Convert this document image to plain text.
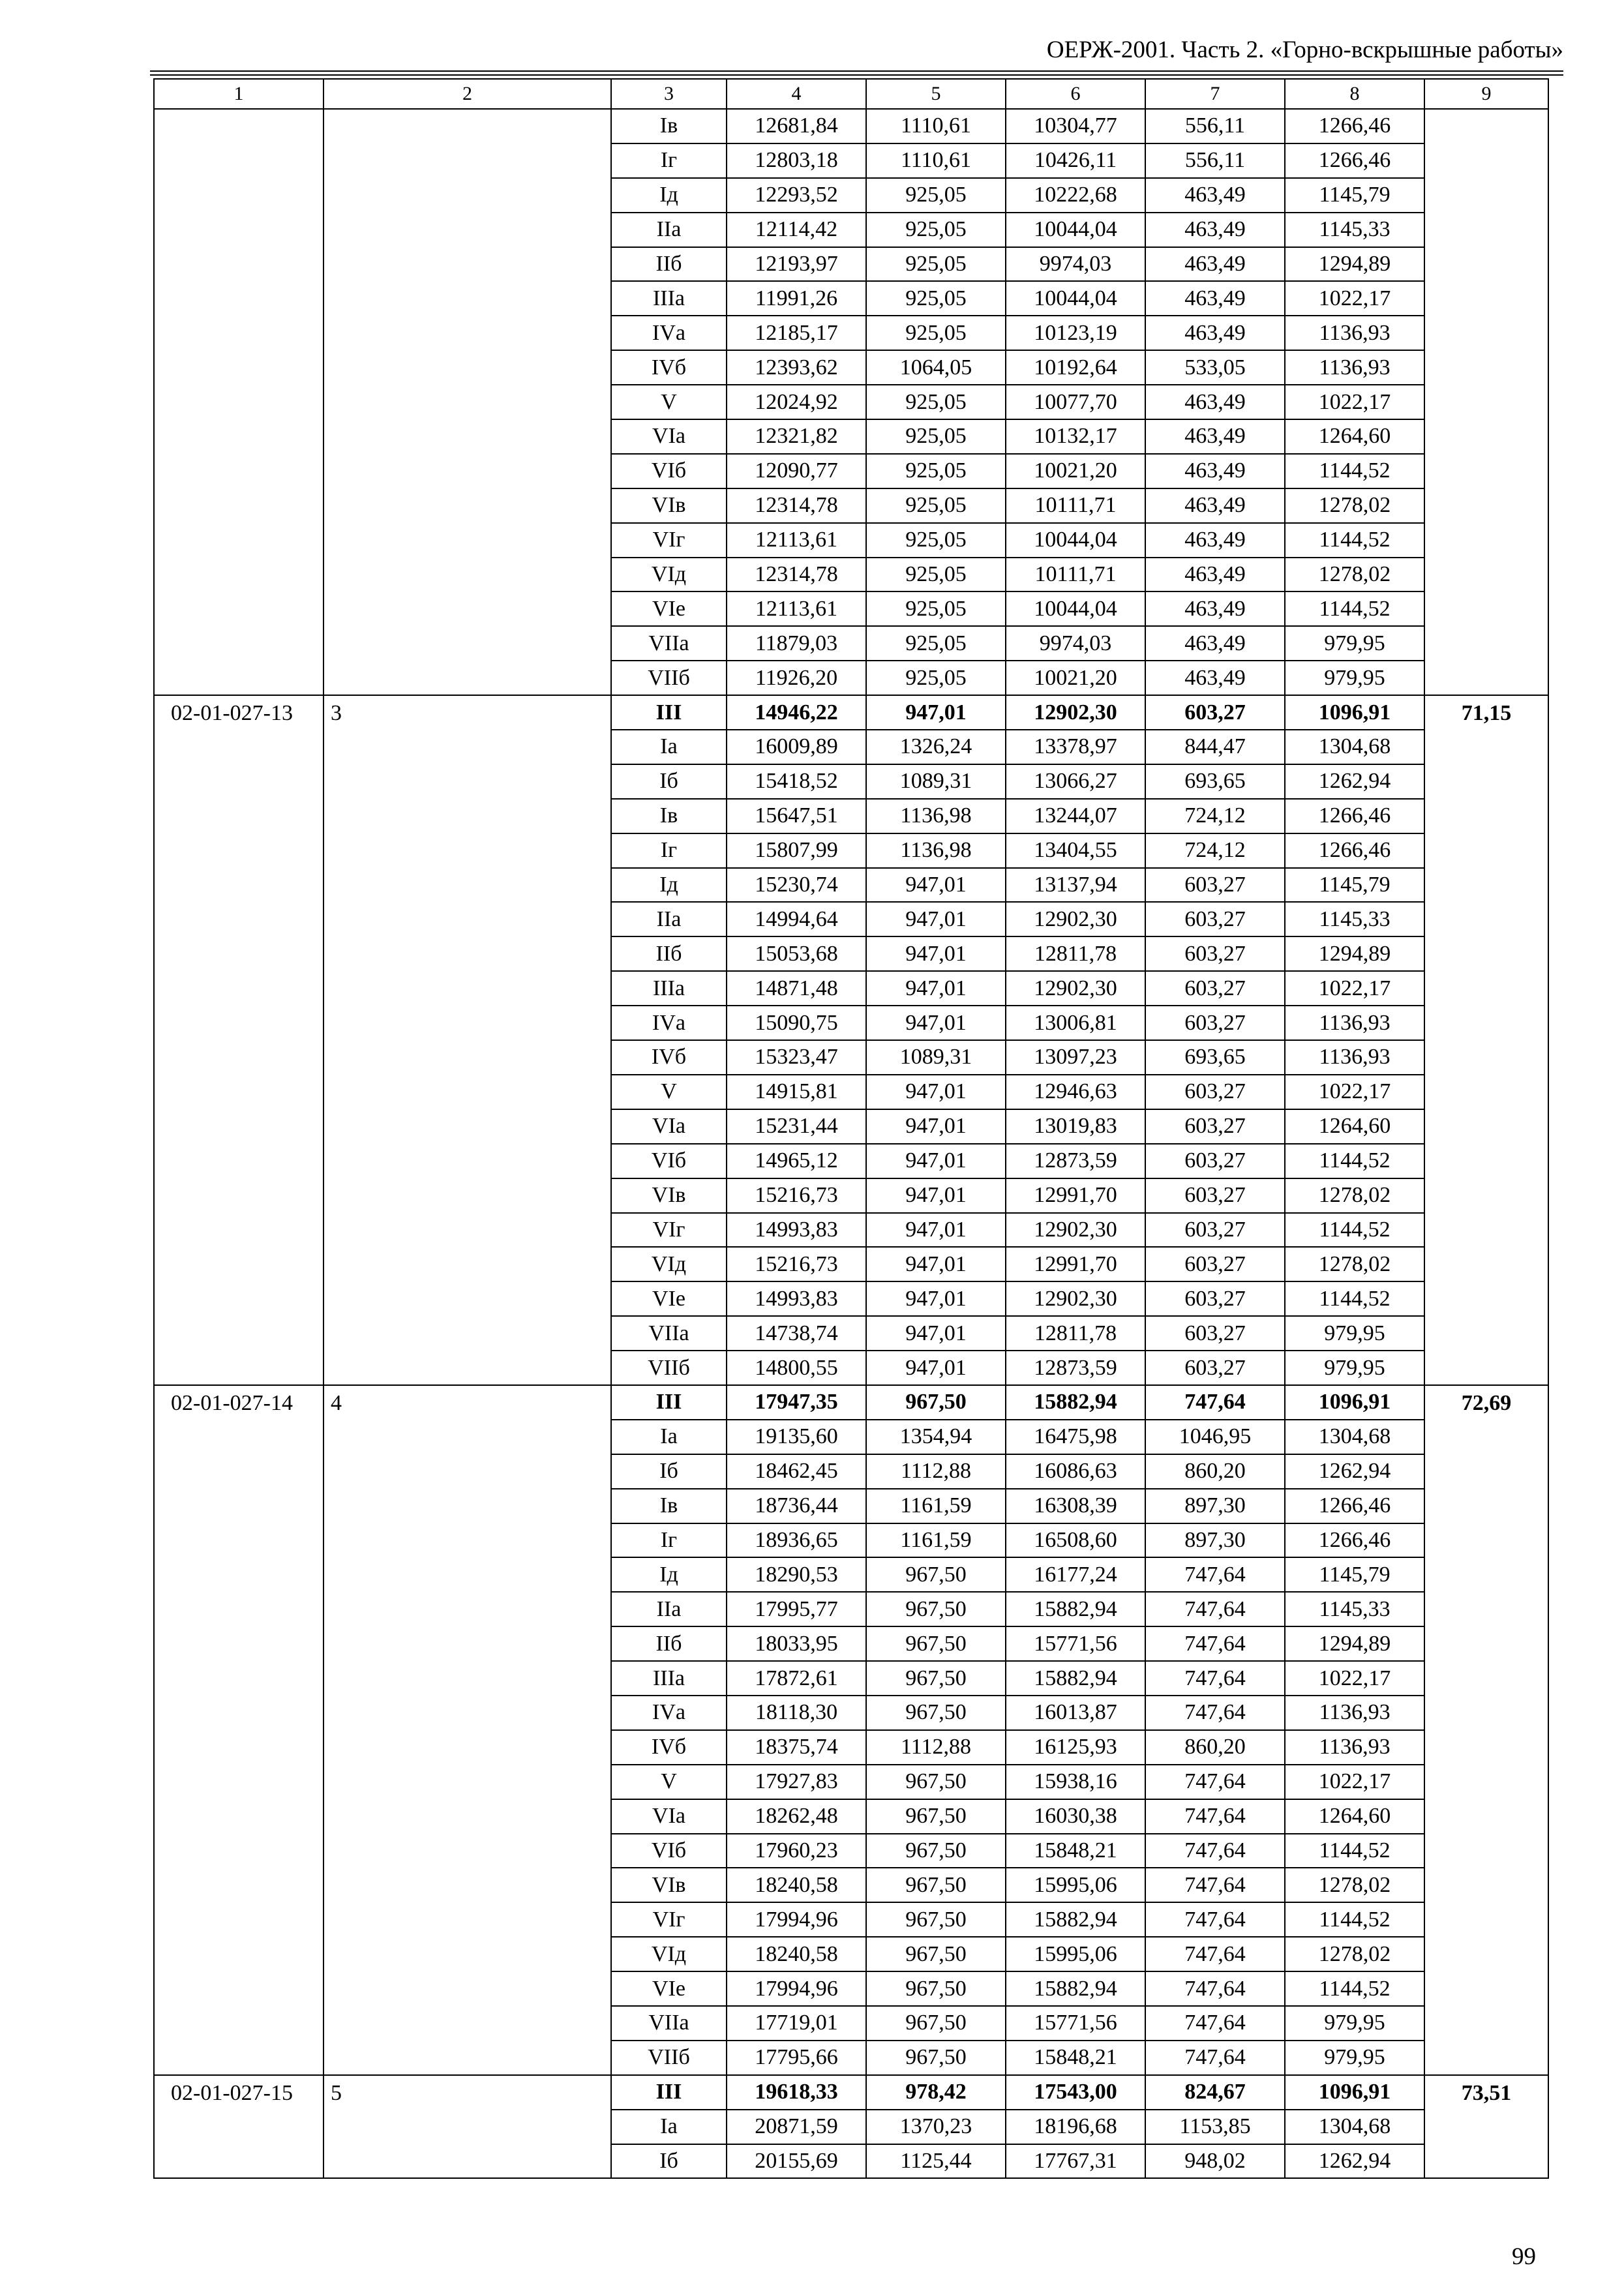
ОЕРЖ-2001. Часть 2. «Горно-вскрышные работы»
1	2	3	4	5	6	7	8	9
		Iв	12681,84	1110,61	10304,77	556,11	1266,46	
		Iг	12803,18	1110,61	10426,11	556,11	1266,46	
		Iд	12293,52	925,05	10222,68	463,49	1145,79	
		IIа	12114,42	925,05	10044,04	463,49	1145,33	
		IIб	12193,97	925,05	9974,03	463,49	1294,89	
		IIIа	11991,26	925,05	10044,04	463,49	1022,17	
		IVа	12185,17	925,05	10123,19	463,49	1136,93	
		IVб	12393,62	1064,05	10192,64	533,05	1136,93	
		V	12024,92	925,05	10077,70	463,49	1022,17	
		VIа	12321,82	925,05	10132,17	463,49	1264,60	
		VIб	12090,77	925,05	10021,20	463,49	1144,52	
		VIв	12314,78	925,05	10111,71	463,49	1278,02	
		VIг	12113,61	925,05	10044,04	463,49	1144,52	
		VIд	12314,78	925,05	10111,71	463,49	1278,02	
		VIе	12113,61	925,05	10044,04	463,49	1144,52	
		VIIа	11879,03	925,05	9974,03	463,49	979,95	
		VIIб	11926,20	925,05	10021,20	463,49	979,95	
02-01-027-13	3	III	14946,22	947,01	12902,30	603,27	1096,91	71,15
		Iа	16009,89	1326,24	13378,97	844,47	1304,68	
		Iб	15418,52	1089,31	13066,27	693,65	1262,94	
		Iв	15647,51	1136,98	13244,07	724,12	1266,46	
		Iг	15807,99	1136,98	13404,55	724,12	1266,46	
		Iд	15230,74	947,01	13137,94	603,27	1145,79	
		IIа	14994,64	947,01	12902,30	603,27	1145,33	
		IIб	15053,68	947,01	12811,78	603,27	1294,89	
		IIIа	14871,48	947,01	12902,30	603,27	1022,17	
		IVа	15090,75	947,01	13006,81	603,27	1136,93	
		IVб	15323,47	1089,31	13097,23	693,65	1136,93	
		V	14915,81	947,01	12946,63	603,27	1022,17	
		VIа	15231,44	947,01	13019,83	603,27	1264,60	
		VIб	14965,12	947,01	12873,59	603,27	1144,52	
		VIв	15216,73	947,01	12991,70	603,27	1278,02	
		VIг	14993,83	947,01	12902,30	603,27	1144,52	
		VIд	15216,73	947,01	12991,70	603,27	1278,02	
		VIе	14993,83	947,01	12902,30	603,27	1144,52	
		VIIа	14738,74	947,01	12811,78	603,27	979,95	
		VIIб	14800,55	947,01	12873,59	603,27	979,95	
02-01-027-14	4	III	17947,35	967,50	15882,94	747,64	1096,91	72,69
		Iа	19135,60	1354,94	16475,98	1046,95	1304,68	
		Iб	18462,45	1112,88	16086,63	860,20	1262,94	
		Iв	18736,44	1161,59	16308,39	897,30	1266,46	
		Iг	18936,65	1161,59	16508,60	897,30	1266,46	
		Iд	18290,53	967,50	16177,24	747,64	1145,79	
		IIа	17995,77	967,50	15882,94	747,64	1145,33	
		IIб	18033,95	967,50	15771,56	747,64	1294,89	
		IIIа	17872,61	967,50	15882,94	747,64	1022,17	
		IVа	18118,30	967,50	16013,87	747,64	1136,93	
		IVб	18375,74	1112,88	16125,93	860,20	1136,93	
		V	17927,83	967,50	15938,16	747,64	1022,17	
		VIа	18262,48	967,50	16030,38	747,64	1264,60	
		VIб	17960,23	967,50	15848,21	747,64	1144,52	
		VIв	18240,58	967,50	15995,06	747,64	1278,02	
		VIг	17994,96	967,50	15882,94	747,64	1144,52	
		VIд	18240,58	967,50	15995,06	747,64	1278,02	
		VIе	17994,96	967,50	15882,94	747,64	1144,52	
		VIIа	17719,01	967,50	15771,56	747,64	979,95	
		VIIб	17795,66	967,50	15848,21	747,64	979,95	
02-01-027-15	5	III	19618,33	978,42	17543,00	824,67	1096,91	73,51
		Iа	20871,59	1370,23	18196,68	1153,85	1304,68	
		Iб	20155,69	1125,44	17767,31	948,02	1262,94	
99
